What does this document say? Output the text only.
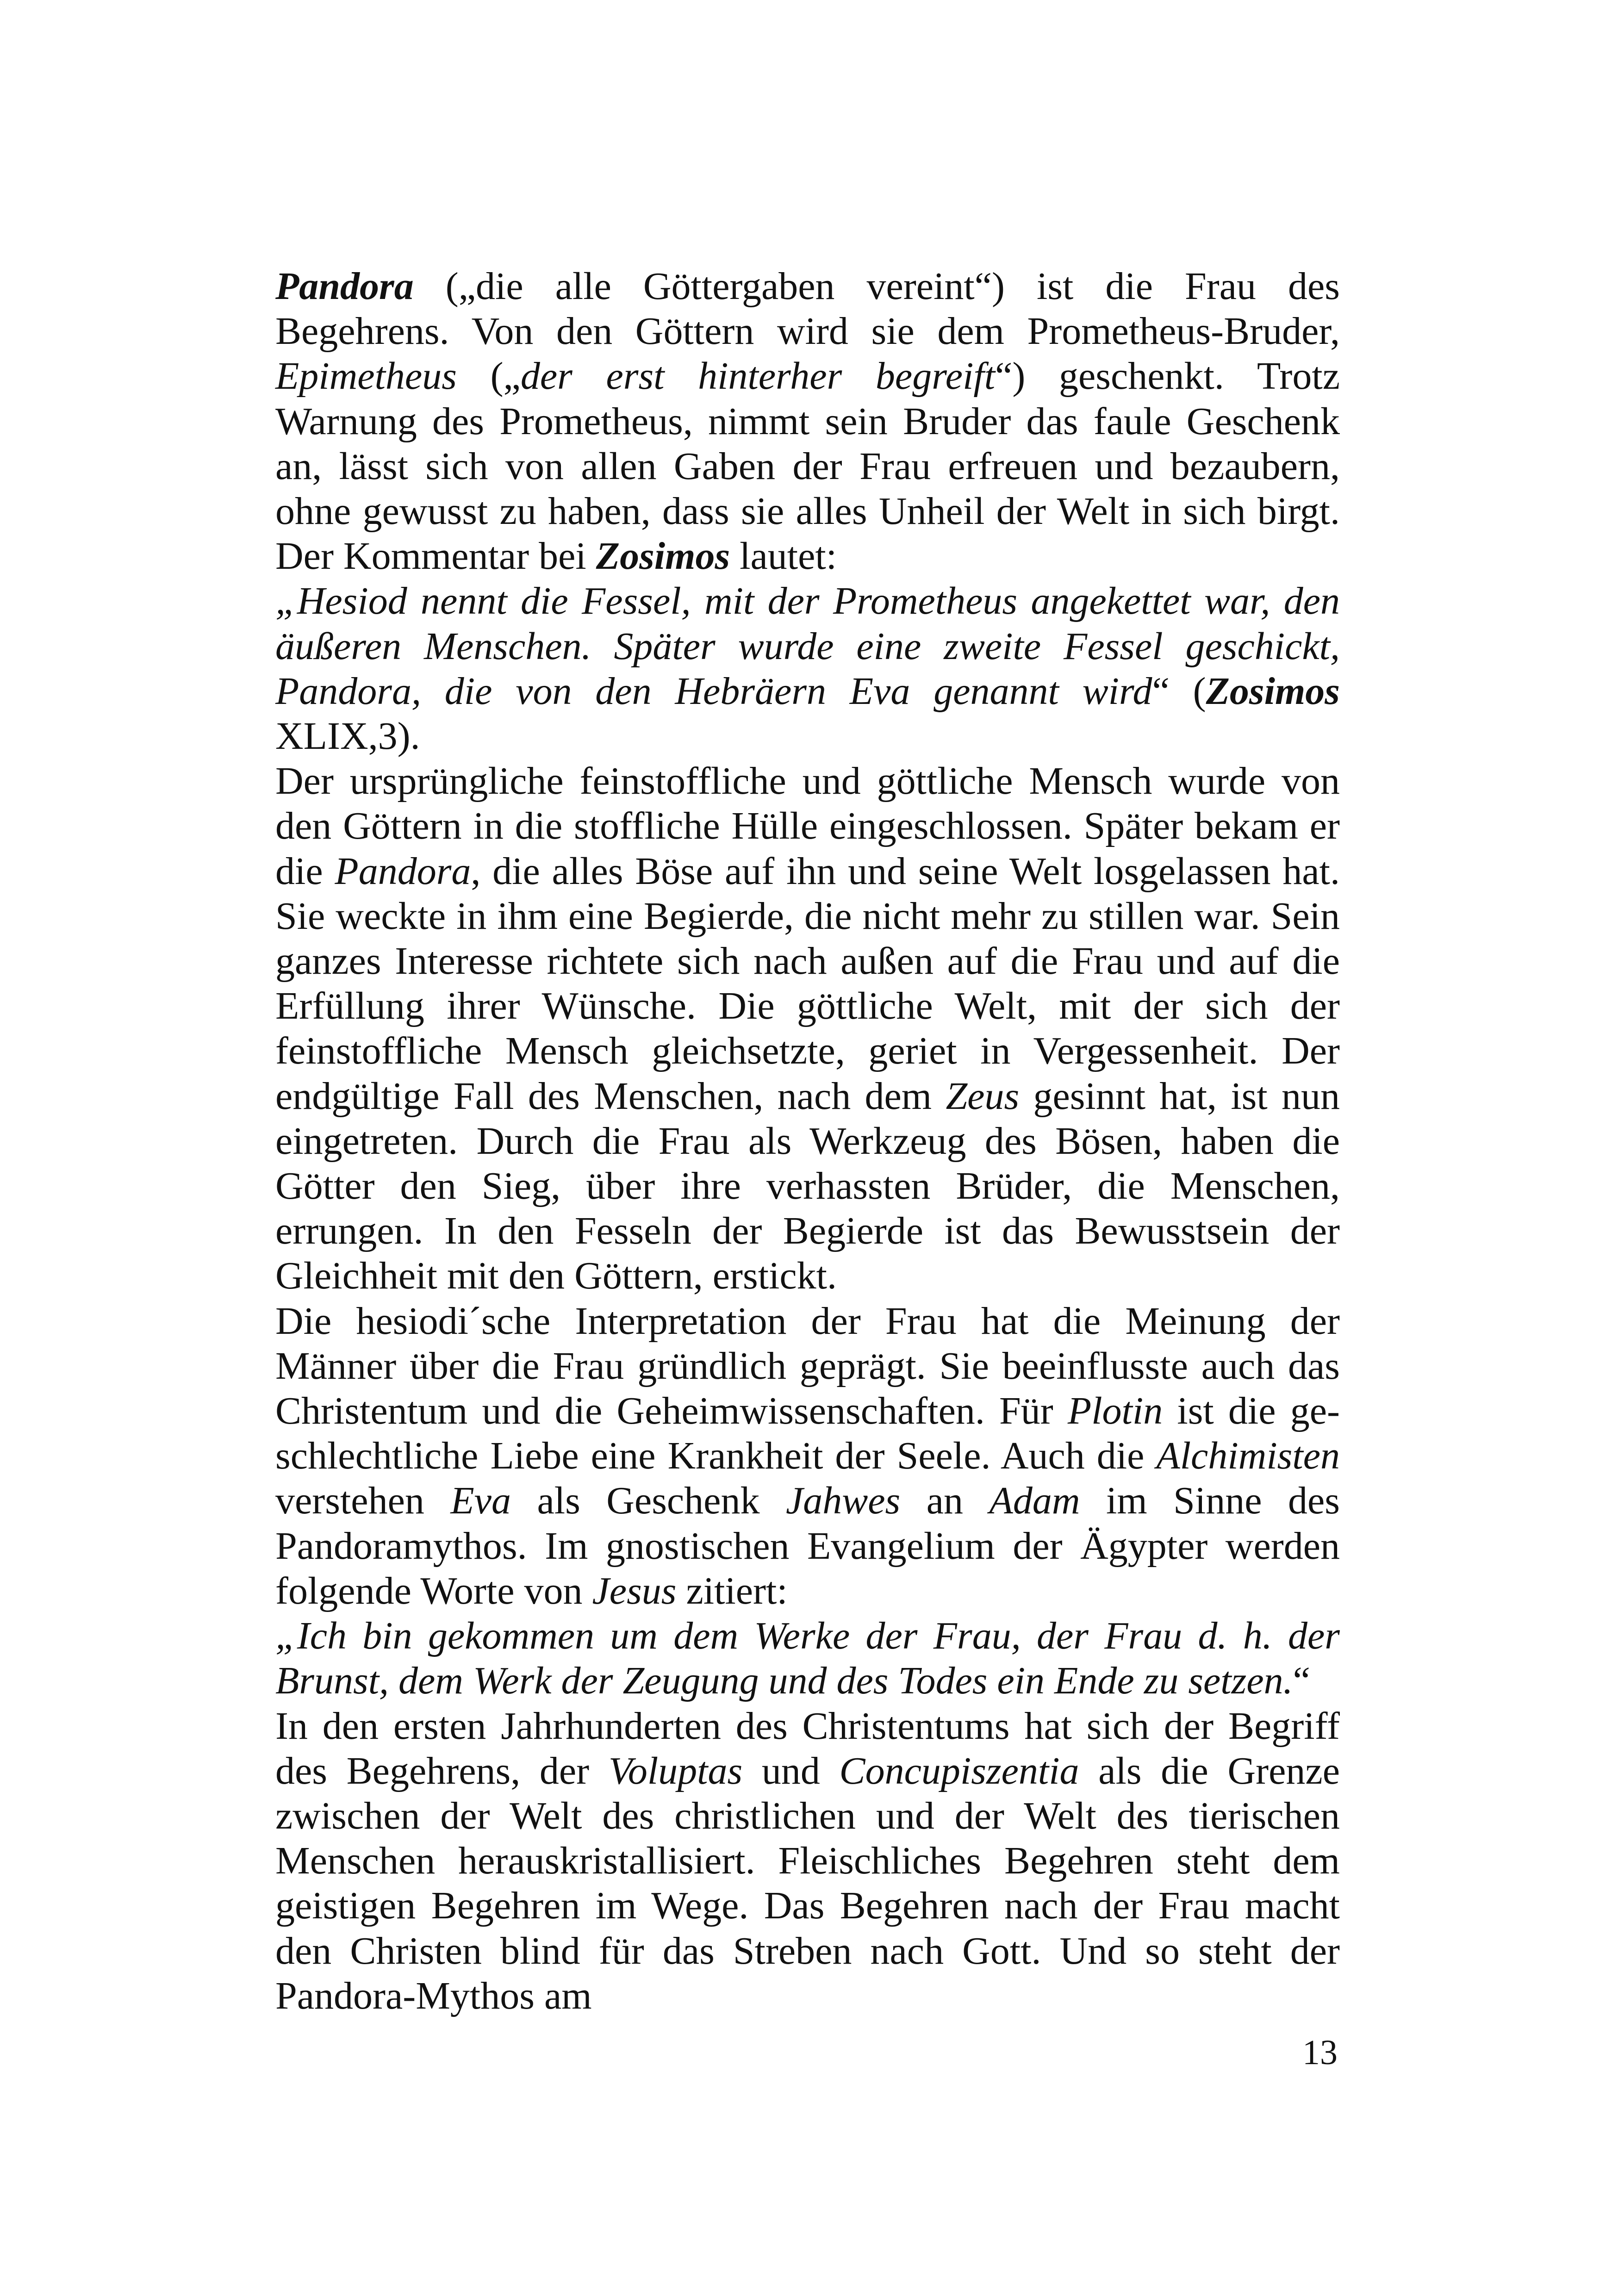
Pandora („die alle Göttergaben vereint“) ist die Frau des Begehrens. Von den Göttern wird sie dem Prometheus-Bruder, Epimetheus („der erst hinterher begreift“) geschenkt. Trotz Warnung des Prometheus, nimmt sein Bruder das faule Geschenk an, lässt sich von allen Gaben der Frau erfreuen und bezaubern, ohne gewusst zu haben, dass sie alles Unheil der Welt in sich birgt. Der Kommentar bei Zosimos lautet:

„Hesiod nennt die Fessel, mit der Prometheus angekettet war, den äußeren Menschen. Später wurde eine zweite Fessel geschickt, Pandora, die von den Hebräern Eva genannt wird“ (Zosimos XLIX,3).

Der ursprüngliche feinstoffliche und göttliche Mensch wurde von den Göttern in die stoffliche Hülle eingeschlossen. Später bekam er die Pandora, die alles Böse auf ihn und seine Welt losgelassen hat. Sie weckte in ihm eine Begierde, die nicht mehr zu stillen war. Sein ganzes Interesse richtete sich nach außen auf die Frau und auf die Erfüllung ihrer Wünsche. Die göttliche Welt, mit der sich der feinstoffliche Mensch gleichsetzte, geriet in Vergessenheit. Der endgültige Fall des Menschen, nach dem Zeus gesinnt hat, ist nun eingetreten. Durch die Frau als Werkzeug des Bösen, haben die Götter den Sieg, über ihre verhassten Brüder, die Menschen, errungen. In den Fesseln der Begierde ist das Bewusstsein der Gleichheit mit den Göttern, erstickt.

Die hesiodi´sche Interpretation der Frau hat die Meinung der Männer über die Frau gründlich geprägt. Sie beeinflusste auch das Christentum und die Geheimwissenschaften. Für Plotin ist die geschlechtliche Liebe eine Krankheit der Seele. Auch die Alchimisten verstehen Eva als Geschenk Jahwes an Adam im Sinne des Pandoramythos. Im gnostischen Evangelium der Ägypter werden folgende Worte von Jesus zitiert:

„Ich bin gekommen um dem Werke der Frau, der Frau d. h. der Brunst, dem Werk der Zeugung und des Todes ein Ende zu setzen.“

In den ersten Jahrhunderten des Christentums hat sich der Begriff des Begehrens, der Voluptas und Concupiszentia als die Grenze zwischen der Welt des christlichen und der Welt des tierischen Menschen herauskristallisiert. Fleischliches Begehren steht dem geistigen Begehren im Wege. Das Begehren nach der Frau macht den Christen blind für das Streben nach Gott. Und so steht der Pandora-Mythos am

13
